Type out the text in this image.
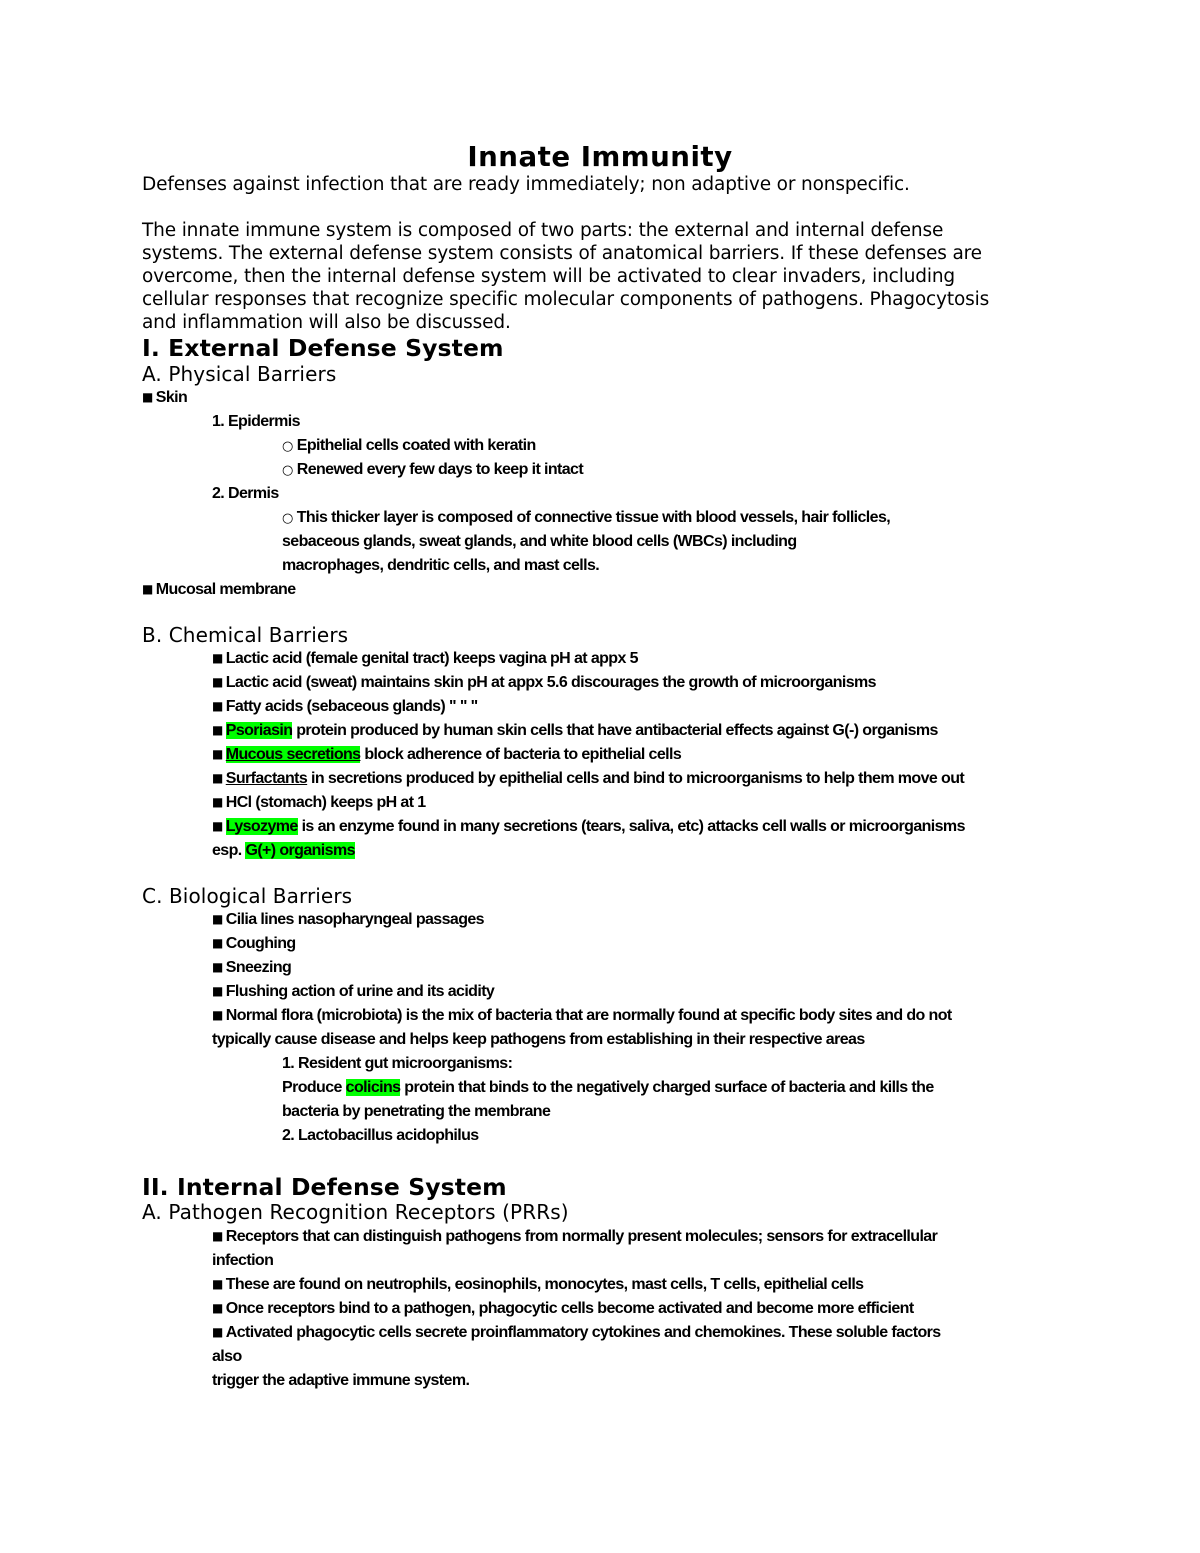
Innate Immunity
Defenses against infection that are ready immediately; non adaptive or nonspecific.
The innate immune system is composed of two parts: the external and internal defense
systems. The external defense system consists of anatomical barriers. If these defenses are
overcome, then the internal defense system will be activated to clear invaders, including
cellular responses that recognize specific molecular components of pathogens. Phagocytosis
and inflammation will also be discussed.
I. External Defense System
A. Physical Barriers
■ Skin
1. Epidermis
○ Epithelial cells coated with keratin
○ Renewed every few days to keep it intact
2. Dermis
○ This thicker layer is composed of connective tissue with blood vessels, hair follicles,
sebaceous glands, sweat glands, and white blood cells (WBCs) including
macrophages, dendritic cells, and mast cells.
■ Mucosal membrane
B. Chemical Barriers
■ Lactic acid (female genital tract) keeps vagina pH at appx 5
■ Lactic acid (sweat) maintains skin pH at appx 5.6 discourages the growth of microorganisms
■ Fatty acids (sebaceous glands) " " "
■ Psoriasin protein produced by human skin cells that have antibacterial effects against G(-) organisms
■ Mucous secretions block adherence of bacteria to epithelial cells
■ Surfactants in secretions produced by epithelial cells and bind to microorganisms to help them move out
■ HCl (stomach) keeps pH at 1
■ Lysozyme is an enzyme found in many secretions (tears, saliva, etc) attacks cell walls or microorganisms
esp. G(+) organisms
C. Biological Barriers
■ Cilia lines nasopharyngeal passages
■ Coughing
■ Sneezing
■ Flushing action of urine and its acidity
■ Normal flora (microbiota) is the mix of bacteria that are normally found at specific body sites and do not
typically cause disease and helps keep pathogens from establishing in their respective areas
1. Resident gut microorganisms:
Produce colicins protein that binds to the negatively charged surface of bacteria and kills the
bacteria by penetrating the membrane
2. Lactobacillus acidophilus
II. Internal Defense System
A. Pathogen Recognition Receptors (PRRs)
■ Receptors that can distinguish pathogens from normally present molecules; sensors for extracellular
infection
■ These are found on neutrophils, eosinophils, monocytes, mast cells, T cells, epithelial cells
■ Once receptors bind to a pathogen, phagocytic cells become activated and become more efficient
■ Activated phagocytic cells secrete proinflammatory cytokines and chemokines. These soluble factors
also
trigger the adaptive immune system.
